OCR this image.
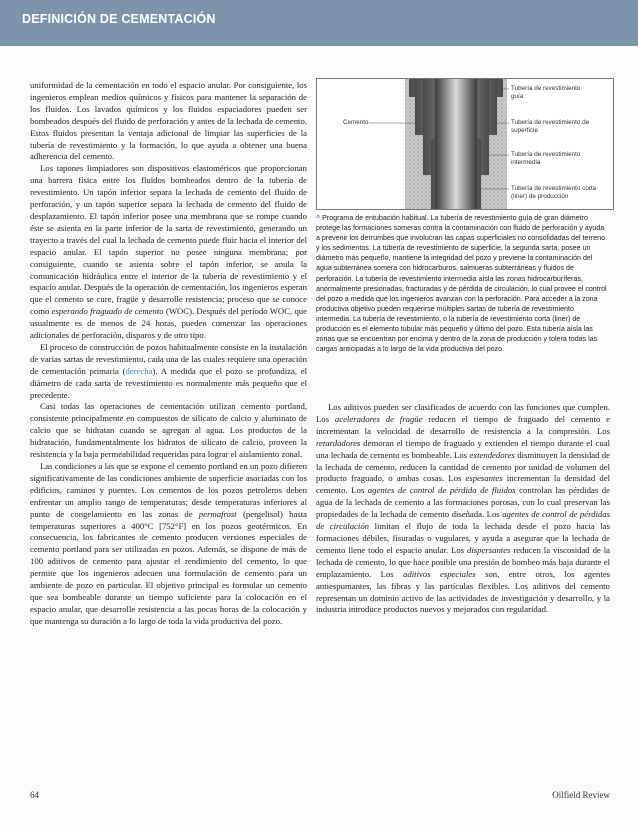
DEFINICIÓN DE CEMENTACIÓN

uniformidad de la cementación en todo el espacio anular. Por consiguiente, los ingenieros emplean medios químicos y físicos para mantener la separación de los fluidos. Los lavados químicos y los fluidos espaciadores pueden ser bombeados después del fluido de perforación y antes de la lechada de cemento. Estos fluidos presentan la ventaja adicional de limpiar las superficies de la tubería de revestimiento y la formación, lo que ayuda a obtener una buena adherencia del cemento.

Los tapones limpiadores son dispositivos elastoméricos que proporcionan una barrera física entre los fluidos bombeados dentro de la tubería de revestimiento. Un tapón inferior separa la lechada de cemento del fluido de perforación, y un tapón superior separa la lechada de cemento del fluido de desplazamiento. El tapón inferior posee una membrana que se rompe cuando éste se asienta en la parte inferior de la sarta de revestimiento, generando un trayecto a través del cual la lechada de cemento puede fluir hacia el interior del espacio anular. El tapón superior no posee ninguna membrana; por consiguiente, cuando se asienta sobre el tapón inferior, se anula la comunicación hidráulica entre el interior de la tubería de revestimiento y el espacio anular. Después de la operación de cementación, los ingenieros esperan que el cemento se cure, fragüe y desarrolle resistencia; proceso que se conoce como esperando fraguado de cemento (WOC). Después del período WOC, que usualmente es de menos de 24 horas, pueden comenzar las operaciones adicionales de perforación, disparos y de otro tipo.

El proceso de construcción de pozos habitualmente consiste en la instalación de varias sartas de revestimiento, cada una de las cuales requiere una operación de cementación primaria (derecha). A medida que el pozo se profundiza, el diámetro de cada sarta de revestimiento es normalmente más pequeño que el precedente.

Casi todas las operaciones de cementación utilizan cemento portland, consistente principalmente en compuestos de silicato de calcio y aluminato de calcio que se hidratan cuando se agregan al agua. Los productos de la hidratación, fundamentalmente los hidratos de silicato de calcio, proveen la resistencia y la baja permeabilidad requeridas para lograr el aislamiento zonal.

Las condiciones a las que se expone el cemento portland en un pozo difieren significativamente de las condiciones ambiente de superficie asociadas con los edificios, caminos y puentes. Los cementos de los pozos petroleros deben enfrentar un amplio rango de temperaturas; desde temperaturas inferiores al punto de congelamiento en las zonas de permafrost (pergelisol) hasta temperaturas superiores a 400°C [752°F] en los pozos geotérmicos. En consecuencia, los fabricantes de cemento producen versiones especiales de cemento portland para ser utilizadas en pozos. Además, se dispone de más de 100 aditivos de cemento para ajustar el rendimiento del cemento, lo que permite que los ingenieros adecuen una formulación de cemento para un ambiente de pozo en particular. El objetivo principal es formular un cemento que sea bombeable durante un tiempo suficiente para la colocación en el espacio anular, que desarrolle resistencia a las pocas horas de la colocación y que mantenga su duración a lo largo de toda la vida productiva del pozo.

Cemento
Tubería de revestimiento guía
Tubería de revestimiento de superficie
Tubería de revestimiento intermedia
Tubería de revestimiento corta (liner) de producción
^ Programa de entubación habitual. La tubería de revestimiento guía de gran diámetro protege las formaciones someras contra la contaminación con fluido de perforación y ayuda a prevenir los derrumbes que involucran las capas superficiales no consolidadas del terreno y los sedimentos. La tubería de revestimiento de superficie, la segunda sarta, posee un diámetro más pequeño, mantiene la integridad del pozo y previene la contaminación del agua subterránea somera con hidrocarburos, salmueras subterráneas y fluidos de perforación. La tubería de revestimiento intermedia aísla las zonas hidrocarburíferas, anormalmente presionadas, fracturadas y de pérdida de circulación, lo cual provee el control del pozo a medida que los ingenieros avanzan con la perforación. Para acceder a la zona productiva objetivo pueden requerirse múltiples sartas de tubería de revestimiento intermedia. La tubería de revestimiento, o la tubería de revestimiento corta (liner) de producción es el elemento tubular más pequeño y último del pozo. Esta tubería aísla las zonas que se encuentran por encima y dentro de la zona de producción y tolera todas las cargas anticipadas a lo largo de la vida productiva del pozo.

Los aditivos pueden ser clasificados de acuerdo con las funciones que cumplen. Los aceleradores de fragüe reducen el tiempo de fraguado del cemento e incrementan la velocidad de desarrollo de resistencia a la compresión. Los retardadores demoran el tiempo de fraguado y extienden el tiempo durante el cual una lechada de cemento es bombeable. Los extendedores disminuyen la densidad de la lechada de cemento, reducen la cantidad de cemento por unidad de volumen del producto fraguado, o ambas cosas. Los espesantes incrementan la densidad del cemento. Los agentes de control de pérdida de fluidos controlan las pérdidas de agua de la lechada de cemento a las formaciones porosas, con lo cual preservan las propiedades de la lechada de cemento diseñada. Los agentes de control de pérdidas de circulación limitan el flujo de toda la lechada desde el pozo hacia las formaciones débiles, fisuradas o vugulares, y ayuda a asegurar que la lechada de cemento llene todo el espacio anular. Los dispersantes reducen la viscosidad de la lechada de cemento, lo que hace posible una presión de bombeo más baja durante el emplazamiento. Los aditivos especiales son, entre otros, los agentes antiespumantes, las fibras y las partículas flexibles. Los aditivos del cemento representan un dominio activo de las actividades de investigación y desarrollo, y la industria introduce productos nuevos y mejorados con regularidad.

64	Oilfield Review
